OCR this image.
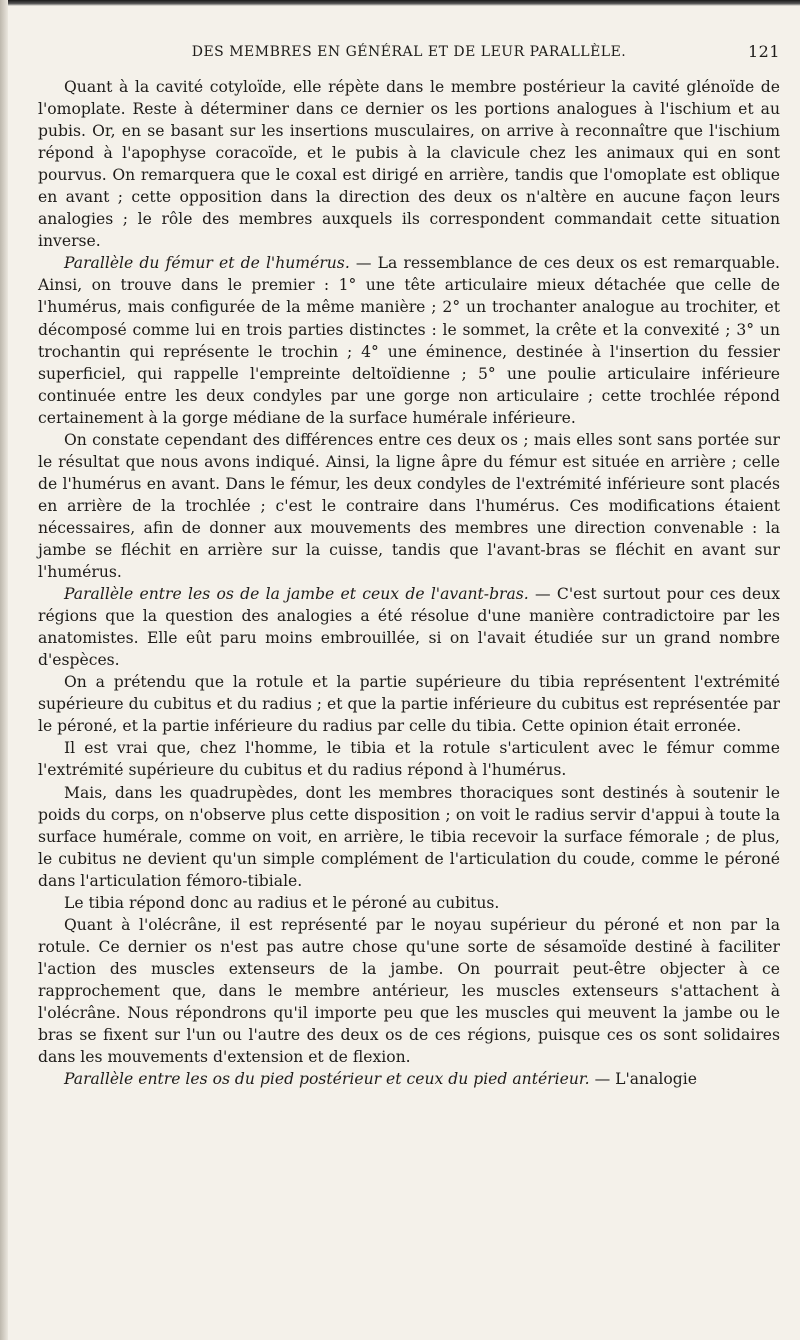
DES MEMBRES EN GÉNÉRAL ET DE LEUR PARALLÈLE.	121

Quant à la cavité cotyloïde, elle répète dans le membre postérieur la cavité glénoïde de l'omoplate. Reste à déterminer dans ce dernier os les portions analogues à l'ischium et au pubis. Or, en se basant sur les insertions musculaires, on arrive à reconnaître que l'ischium répond à l'apophyse coracoïde, et le pubis à la clavicule chez les animaux qui en sont pourvus. On remarquera que le coxal est dirigé en arrière, tandis que l'omoplate est oblique en avant ; cette opposition dans la direction des deux os n'altère en aucune façon leurs analogies ; le rôle des membres auxquels ils correspondent commandait cette situation inverse.

Parallèle du fémur et de l'humérus. — La ressemblance de ces deux os est remarquable. Ainsi, on trouve dans le premier : 1° une tête articulaire mieux détachée que celle de l'humérus, mais configurée de la même manière ; 2° un trochanter analogue au trochiter, et décomposé comme lui en trois parties distinctes : le sommet, la crête et la convexité ; 3° un trochantin qui représente le trochin ; 4° une éminence, destinée à l'insertion du fessier superficiel, qui rappelle l'empreinte deltoïdienne ; 5° une poulie articulaire inférieure continuée entre les deux condyles par une gorge non articulaire ; cette trochlée répond certainement à la gorge médiane de la surface humérale inférieure.

On constate cependant des différences entre ces deux os ; mais elles sont sans portée sur le résultat que nous avons indiqué. Ainsi, la ligne âpre du fémur est située en arrière ; celle de l'humérus en avant. Dans le fémur, les deux condyles de l'extrémité inférieure sont placés en arrière de la trochlée ; c'est le contraire dans l'humérus. Ces modifications étaient nécessaires, afin de donner aux mouvements des membres une direction convenable : la jambe se fléchit en arrière sur la cuisse, tandis que l'avant-bras se fléchit en avant sur l'humérus.

Parallèle entre les os de la jambe et ceux de l'avant-bras. — C'est surtout pour ces deux régions que la question des analogies a été résolue d'une manière contradictoire par les anatomistes. Elle eût paru moins embrouillée, si on l'avait étudiée sur un grand nombre d'espèces.

On a prétendu que la rotule et la partie supérieure du tibia représentent l'extrémité supérieure du cubitus et du radius ; et que la partie inférieure du cubitus est représentée par le péroné, et la partie inférieure du radius par celle du tibia. Cette opinion était erronée.

Il est vrai que, chez l'homme, le tibia et la rotule s'articulent avec le fémur comme l'extrémité supérieure du cubitus et du radius répond à l'humérus.

Mais, dans les quadrupèdes, dont les membres thoraciques sont destinés à soutenir le poids du corps, on n'observe plus cette disposition ; on voit le radius servir d'appui à toute la surface humérale, comme on voit, en arrière, le tibia recevoir la surface fémorale ; de plus, le cubitus ne devient qu'un simple complément de l'articulation du coude, comme le péroné dans l'articulation fémoro-tibiale.

Le tibia répond donc au radius et le péroné au cubitus.

Quant à l'olécrâne, il est représenté par le noyau supérieur du péroné et non par la rotule. Ce dernier os n'est pas autre chose qu'une sorte de sésamoïde destiné à faciliter l'action des muscles extenseurs de la jambe. On pourrait peut-être objecter à ce rapprochement que, dans le membre antérieur, les muscles extenseurs s'attachent à l'olécrâne. Nous répondrons qu'il importe peu que les muscles qui meuvent la jambe ou le bras se fixent sur l'un ou l'autre des deux os de ces régions, puisque ces os sont solidaires dans les mouvements d'extension et de flexion.

Parallèle entre les os du pied postérieur et ceux du pied antérieur. — L'analogie
